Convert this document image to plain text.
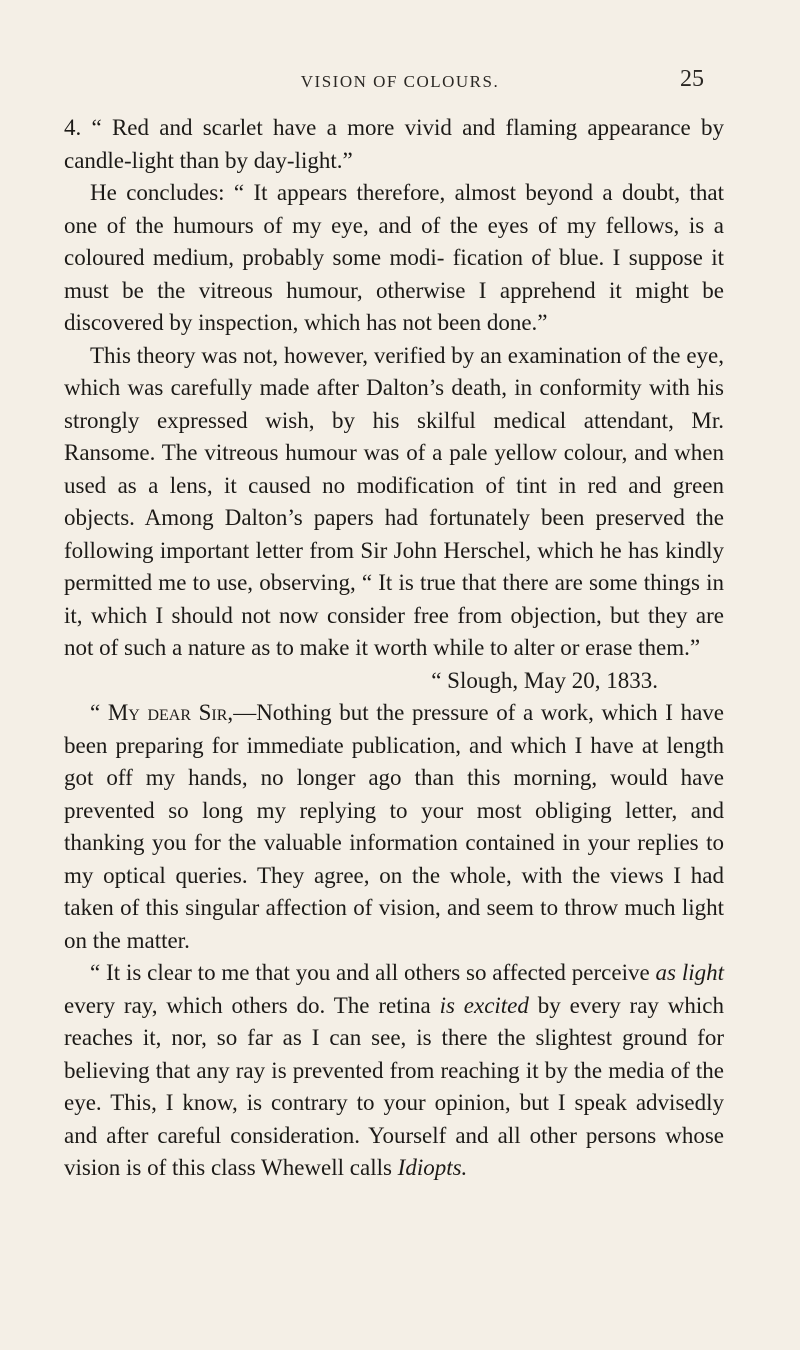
VISION OF COLOURS.	25

4. “ Red and scarlet have a more vivid and flaming appearance by candle-light than by day-light.”

He concludes: “ It appears therefore, almost beyond a doubt, that one of the humours of my eye, and of the eyes of my fellows, is a coloured medium, probably some modi- fication of blue. I suppose it must be the vitreous humour, otherwise I apprehend it might be discovered by inspection, which has not been done.”

This theory was not, however, verified by an examination of the eye, which was carefully made after Dalton’s death, in conformity with his strongly expressed wish, by his skilful medical attendant, Mr. Ransome. The vitreous humour was of a pale yellow colour, and when used as a lens, it caused no modification of tint in red and green objects. Among Dalton’s papers had fortunately been preserved the following important letter from Sir John Herschel, which he has kindly permitted me to use, observing, “ It is true that there are some things in it, which I should not now consider free from objection, but they are not of such a nature as to make it worth while to alter or erase them.”

“ Slough, May 20, 1833.

“ My dear Sir,—Nothing but the pressure of a work, which I have been preparing for immediate publication, and which I have at length got off my hands, no longer ago than this morning, would have prevented so long my replying to your most obliging letter, and thanking you for the valuable information contained in your replies to my optical queries. They agree, on the whole, with the views I had taken of this singular affection of vision, and seem to throw much light on the matter.

“ It is clear to me that you and all others so affected perceive as light every ray, which others do. The retina is excited by every ray which reaches it, nor, so far as I can see, is there the slightest ground for believing that any ray is prevented from reaching it by the media of the eye. This, I know, is contrary to your opinion, but I speak advisedly and after careful consideration. Yourself and all other persons whose vision is of this class Whewell calls Idiopts.
